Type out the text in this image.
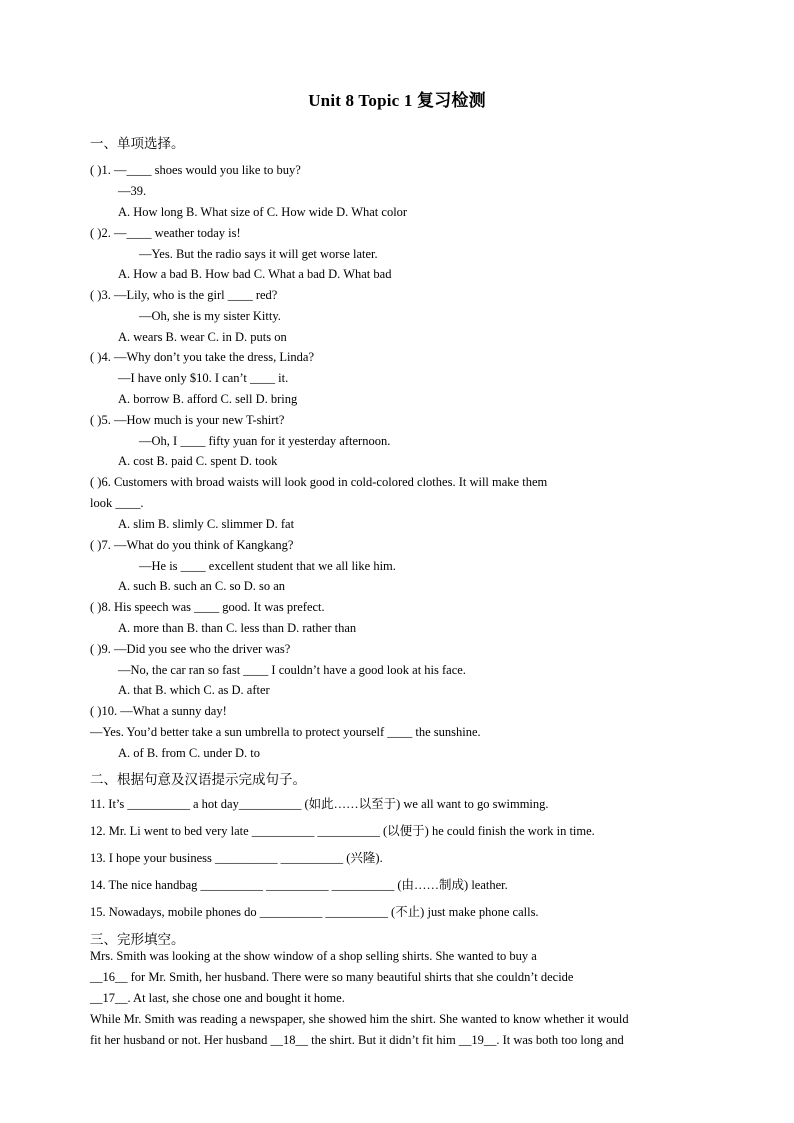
Unit 8 Topic 1 复习检测
一、单项选择。
( )1. —____ shoes would you like to buy?
—39.
A. How long B. What size of C. How wide D. What color
( )2. —____ weather today is!
—Yes. But the radio says it will get worse later.
A. How a bad B. How bad C. What a bad D. What bad
( )3. —Lily, who is the girl ____ red?
—Oh, she is my sister Kitty.
A. wears B. wear C. in D. puts on
( )4. —Why don’t you take the dress, Linda?
—I have only $10. I can’t ____ it.
A. borrow B. afford C. sell D. bring
( )5. —How much is your new T-shirt?
—Oh, I ____ fifty yuan for it yesterday afternoon.
A. cost B. paid C. spent D. took
( )6. Customers with broad waists will look good in cold-colored clothes. It will make them
look ____.
A. slim B. slimly C. slimmer D. fat
( )7. —What do you think of Kangkang?
—He is ____ excellent student that we all like him.
A. such B. such an C. so D. so an
( )8. His speech was ____ good. It was prefect.
A. more than B. than C. less than D. rather than
( )9. —Did you see who the driver was?
—No, the car ran so fast ____ I couldn’t have a good look at his face.
A. that B. which C. as D. after
( )10. —What a sunny day!
—Yes. You’d better take a sun umbrella to protect yourself ____ the sunshine.
A. of B. from C. under D. to
二、根据句意及汉语提示完成句子。
11. It’s __________ a hot day__________ (如此……以至于) we all want to go swimming.
12. Mr. Li went to bed very late __________ __________ (以便于) he could finish the work in time.
13. I hope your business __________ __________ (兴隆).
14. The nice handbag __________ __________ __________ (由……制成) leather.
15. Nowadays, mobile phones do __________ __________ (不止) just make phone calls.
三、完形填空。
Mrs. Smith was looking at the show window of a shop selling shirts. She wanted to buy a
__16__ for Mr. Smith, her husband. There were so many beautiful shirts that she couldn’t decide
__17__. At last, she chose one and bought it home.
While Mr. Smith was reading a newspaper, she showed him the shirt. She wanted to know whether it would
fit her husband or not. Her husband __18__ the shirt. But it didn’t fit him __19__. It was both too long and
